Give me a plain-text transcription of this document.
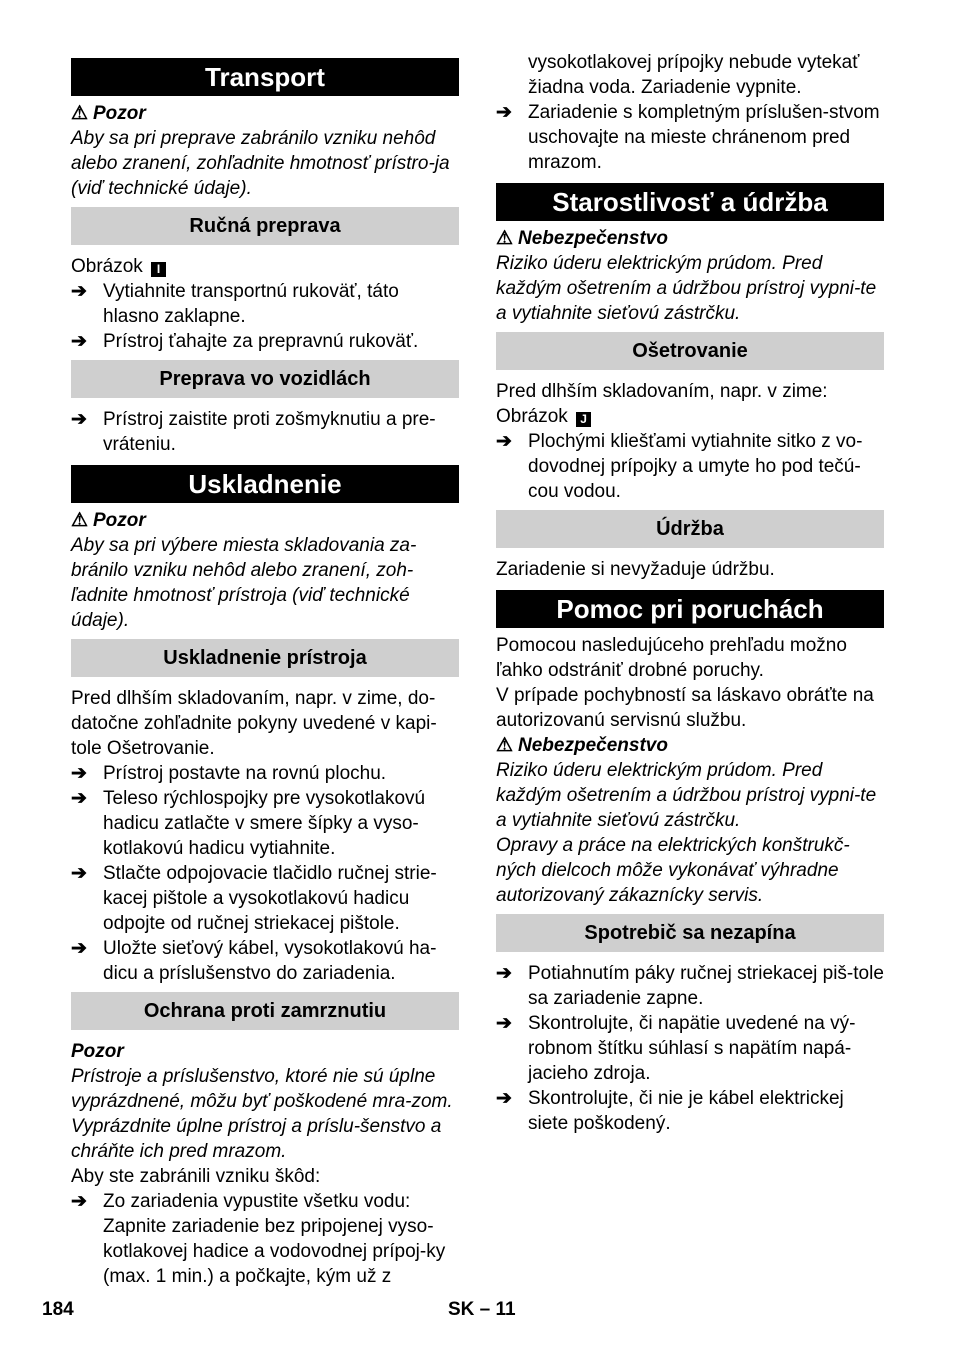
Transport

⚠ Pozor

Aby sa pri preprave zabránilo vzniku nehôd alebo zranení, zohľadnite hmotnosť prístro-ja (viď technické údaje).

Ručná preprava

Obrázok I

➔ Vytiahnite transportnú rukoväť, táto hlasno zaklapne.

➔ Prístroj ťahajte za prepravnú rukoväť.

Preprava vo vozidlách

➔ Prístroj zaistite proti zošmyknutiu a pre-vráteniu.

Uskladnenie

⚠ Pozor

Aby sa pri výbere miesta skladovania za-bránilo vzniku nehôd alebo zranení, zoh-ľadnite hmotnosť prístroja (viď technické údaje).

Uskladnenie prístroja

Pred dlhším skladovaním, napr. v zime, do-datočne zohľadnite pokyny uvedené v kapi-tole Ošetrovanie.

➔ Prístroj postavte na rovnú plochu.

➔ Teleso rýchlospojky pre vysokotlakovú hadicu zatlačte v smere šípky a vyso-kotlakovú hadicu vytiahnite.

➔ Stlačte odpojovacie tlačidlo ručnej strie-kacej pištole a vysokotlakovú hadicu odpojte od ručnej striekacej pištole.

➔ Uložte sieťový kábel, vysokotlakovú ha-dicu a príslušenstvo do zariadenia.

Ochrana proti zamrznutiu

Pozor

Prístroje a príslušenstvo, ktoré nie sú úplne vyprázdnené, môžu byť poškodené mra-zom. Vyprázdnite úplne prístroj a príslu-šenstvo a chráňte ich pred mrazom.

Aby ste zabránili vzniku škôd:

➔ Zo zariadenia vypustite všetku vodu: Zapnite zariadenie bez pripojenej vyso-kotlakovej hadice a vodovodnej prípoj-ky (max. 1 min.) a počkajte, kým už z

vysokotlakovej prípojky nebude vytekať žiadna voda. Zariadenie vypnite.

➔ Zariadenie s kompletným príslušen-stvom uschovajte na mieste chránenom pred mrazom.

Starostlivosť a údržba

⚠ Nebezpečenstvo

Riziko úderu elektrickým prúdom. Pred každým ošetrením a údržbou prístroj vypni-te a vytiahnite sieťovú zástrčku.

Ošetrovanie

Pred dlhším skladovaním, napr. v zime:

Obrázok J

➔ Plochými kliešťami vytiahnite sitko z vo-dovodnej prípojky a umyte ho pod tečú-cou vodou.

Údržba

Zariadenie si nevyžaduje údržbu.

Pomoc pri poruchách

Pomocou nasledujúceho prehľadu možno ľahko odstrániť drobné poruchy.

V prípade pochybností sa láskavo obráťte na autorizovanú servisnú službu.

⚠ Nebezpečenstvo

Riziko úderu elektrickým prúdom. Pred každým ošetrením a údržbou prístroj vypni-te a vytiahnite sieťovú zástrčku.

Opravy a práce na elektrických konštrukč-ných dielcoch môže vykonávať výhradne autorizovaný zákaznícky servis.

Spotrebič sa nezapína

➔ Potiahnutím páky ručnej striekacej piš-tole sa zariadenie zapne.

➔ Skontrolujte, či napätie uvedené na vý-robnom štítku súhlasí s napätím napá-jacieho zdroja.

➔ Skontrolujte, či nie je kábel elektrickej siete poškodený.

184	SK – 11
